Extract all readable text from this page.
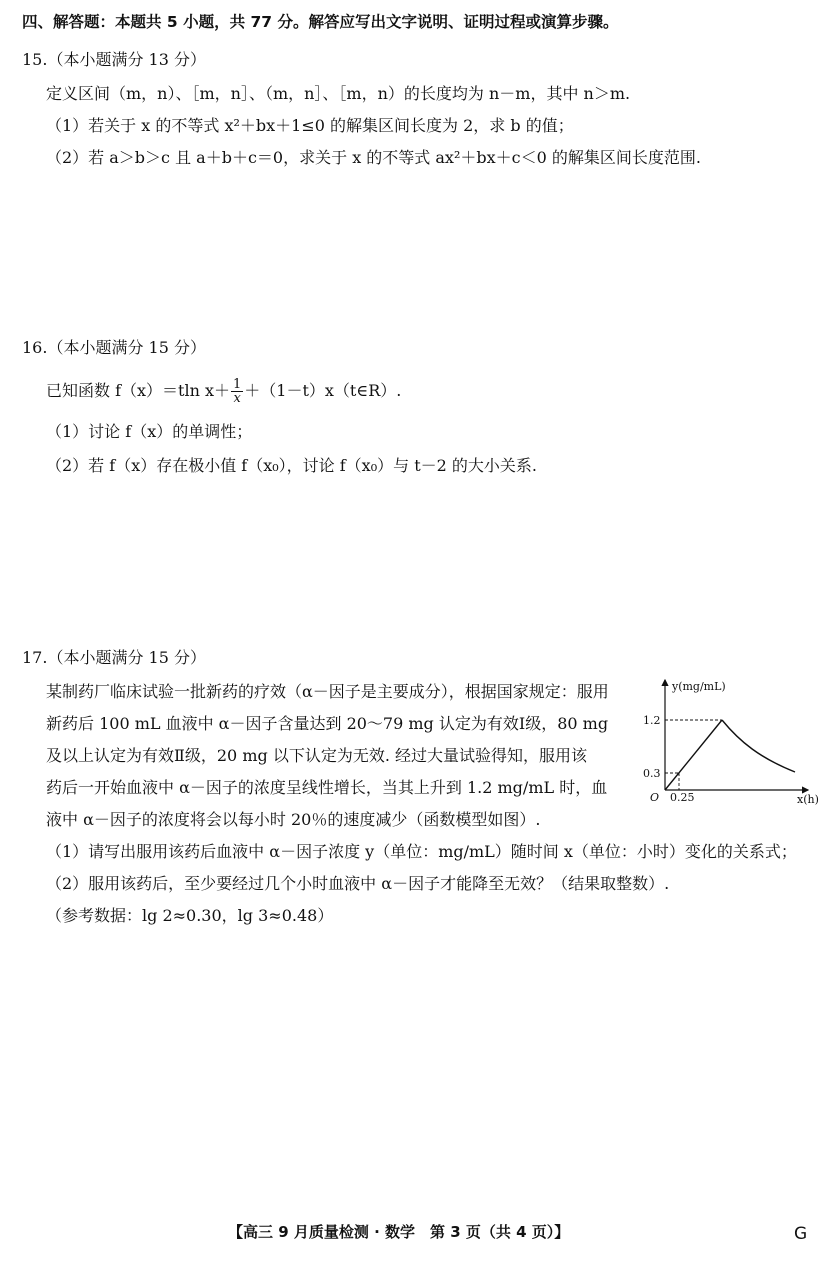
四、解答题：本题共 5 小题，共 77 分。解答应写出文字说明、证明过程或演算步骤。
15.（本小题满分 13 分）
定义区间（m，n）、［m，n］、（m，n］、［m，n）的长度均为 n－m，其中 n＞m.
（1）若关于 x 的不等式 x²＋bx＋1≤0 的解集区间长度为 2，求 b 的值；
（2）若 a＞b＞c 且 a＋b＋c＝0，求关于 x 的不等式 ax²＋bx＋c＜0 的解集区间长度范围.
16.（本小题满分 15 分）
已知函数 f（x）＝tln $x+ \frac{1}{x}$ ＋（1－t）x（t∈R）.
（1）讨论 f（x）的单调性；
（2）若 f（x）存在极小值 f（x₀），讨论 f（x₀）与 t－2 的大小关系.
17.（本小题满分 15 分）
某制药厂临床试验一批新药的疗效（α－因子是主要成分），根据国家规定：服用
新药后 100 mL 血液中 α－因子含量达到 20～79 mg 认定为有效Ⅰ级，80 mg
及以上认定为有效Ⅱ级，20 mg 以下认定为无效. 经过大量试验得知，服用该
药后一开始血液中 α－因子的浓度呈线性增长，当其上升到 1.2 mg/mL 时，血
液中 α－因子的浓度将会以每小时 20％的速度减少（函数模型如图）.
（1）请写出服用该药后血液中 α－因子浓度 y（单位：mg/mL）随时间 x（单位：小时）变化的关系式；
（2）服用该药后，至少要经过几个小时血液中 α－因子才能降至无效？（结果取整数）.
（参考数据：lg 2≈0.30，lg 3≈0.48）
y(mg/mL)
x(h)
O
1.2
0.3
0.25
【高三 9 月质量检测 · 数学　第 3 页（共 4 页）】	G
